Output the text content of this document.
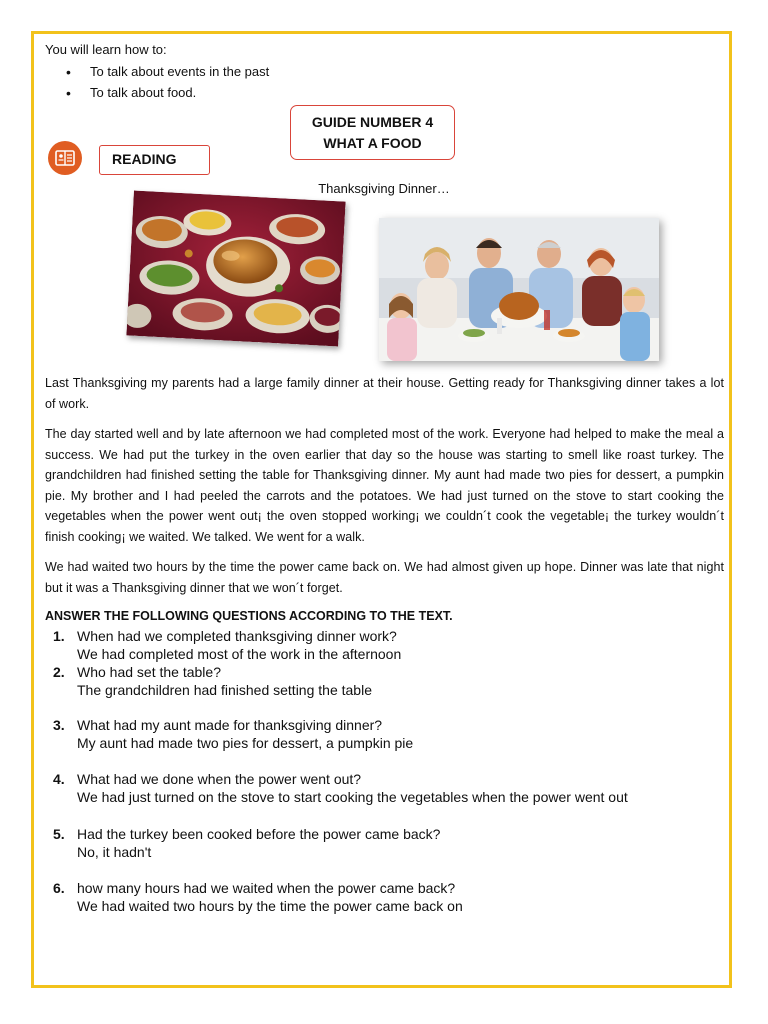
You will learn how to:
• To talk about events in the past
• To talk about food.
GUIDE NUMBER 4
WHAT A FOOD
READING
Thanksgiving Dinner…

Last Thanksgiving my parents had a large family dinner at their house. Getting ready for Thanksgiving dinner takes a lot of work.

The day started well and by late afternoon we had completed most of the work. Everyone had helped to make the meal a success. We had put the turkey in the oven earlier that day so the house was starting to smell like roast turkey. The grandchildren had finished setting the table for Thanksgiving dinner. My aunt had made two pies for dessert, a pumpkin pie. My brother and I had peeled the carrots and the potatoes. We had just turned on the stove to start cooking the vegetables when the power went out¡ the oven stopped working¡ we couldn´t cook the vegetable¡ the turkey wouldn´t finish cooking¡ we waited. We talked. We went for a walk.

We had waited two hours by the time the power came back on. We had almost given up hope. Dinner was late that night but it was a Thanksgiving dinner that we won´t forget.

ANSWER THE FOLLOWING QUESTIONS ACCORDING TO THE TEXT.
1. When had we completed thanksgiving dinner work?
We had completed most of the work in the afternoon
2. Who had set the table?
The grandchildren had finished setting the table
3. What had my aunt made for thanksgiving dinner?
My aunt had made two pies for dessert, a pumpkin pie
4. What had we done when the power went out?
We had just turned on the stove to start cooking the vegetables when the power went out
5. Had the turkey been cooked before the power came back?
No, it hadn't
6. how many hours had we waited when the power came back?
We had waited two hours by the time the power came back on
